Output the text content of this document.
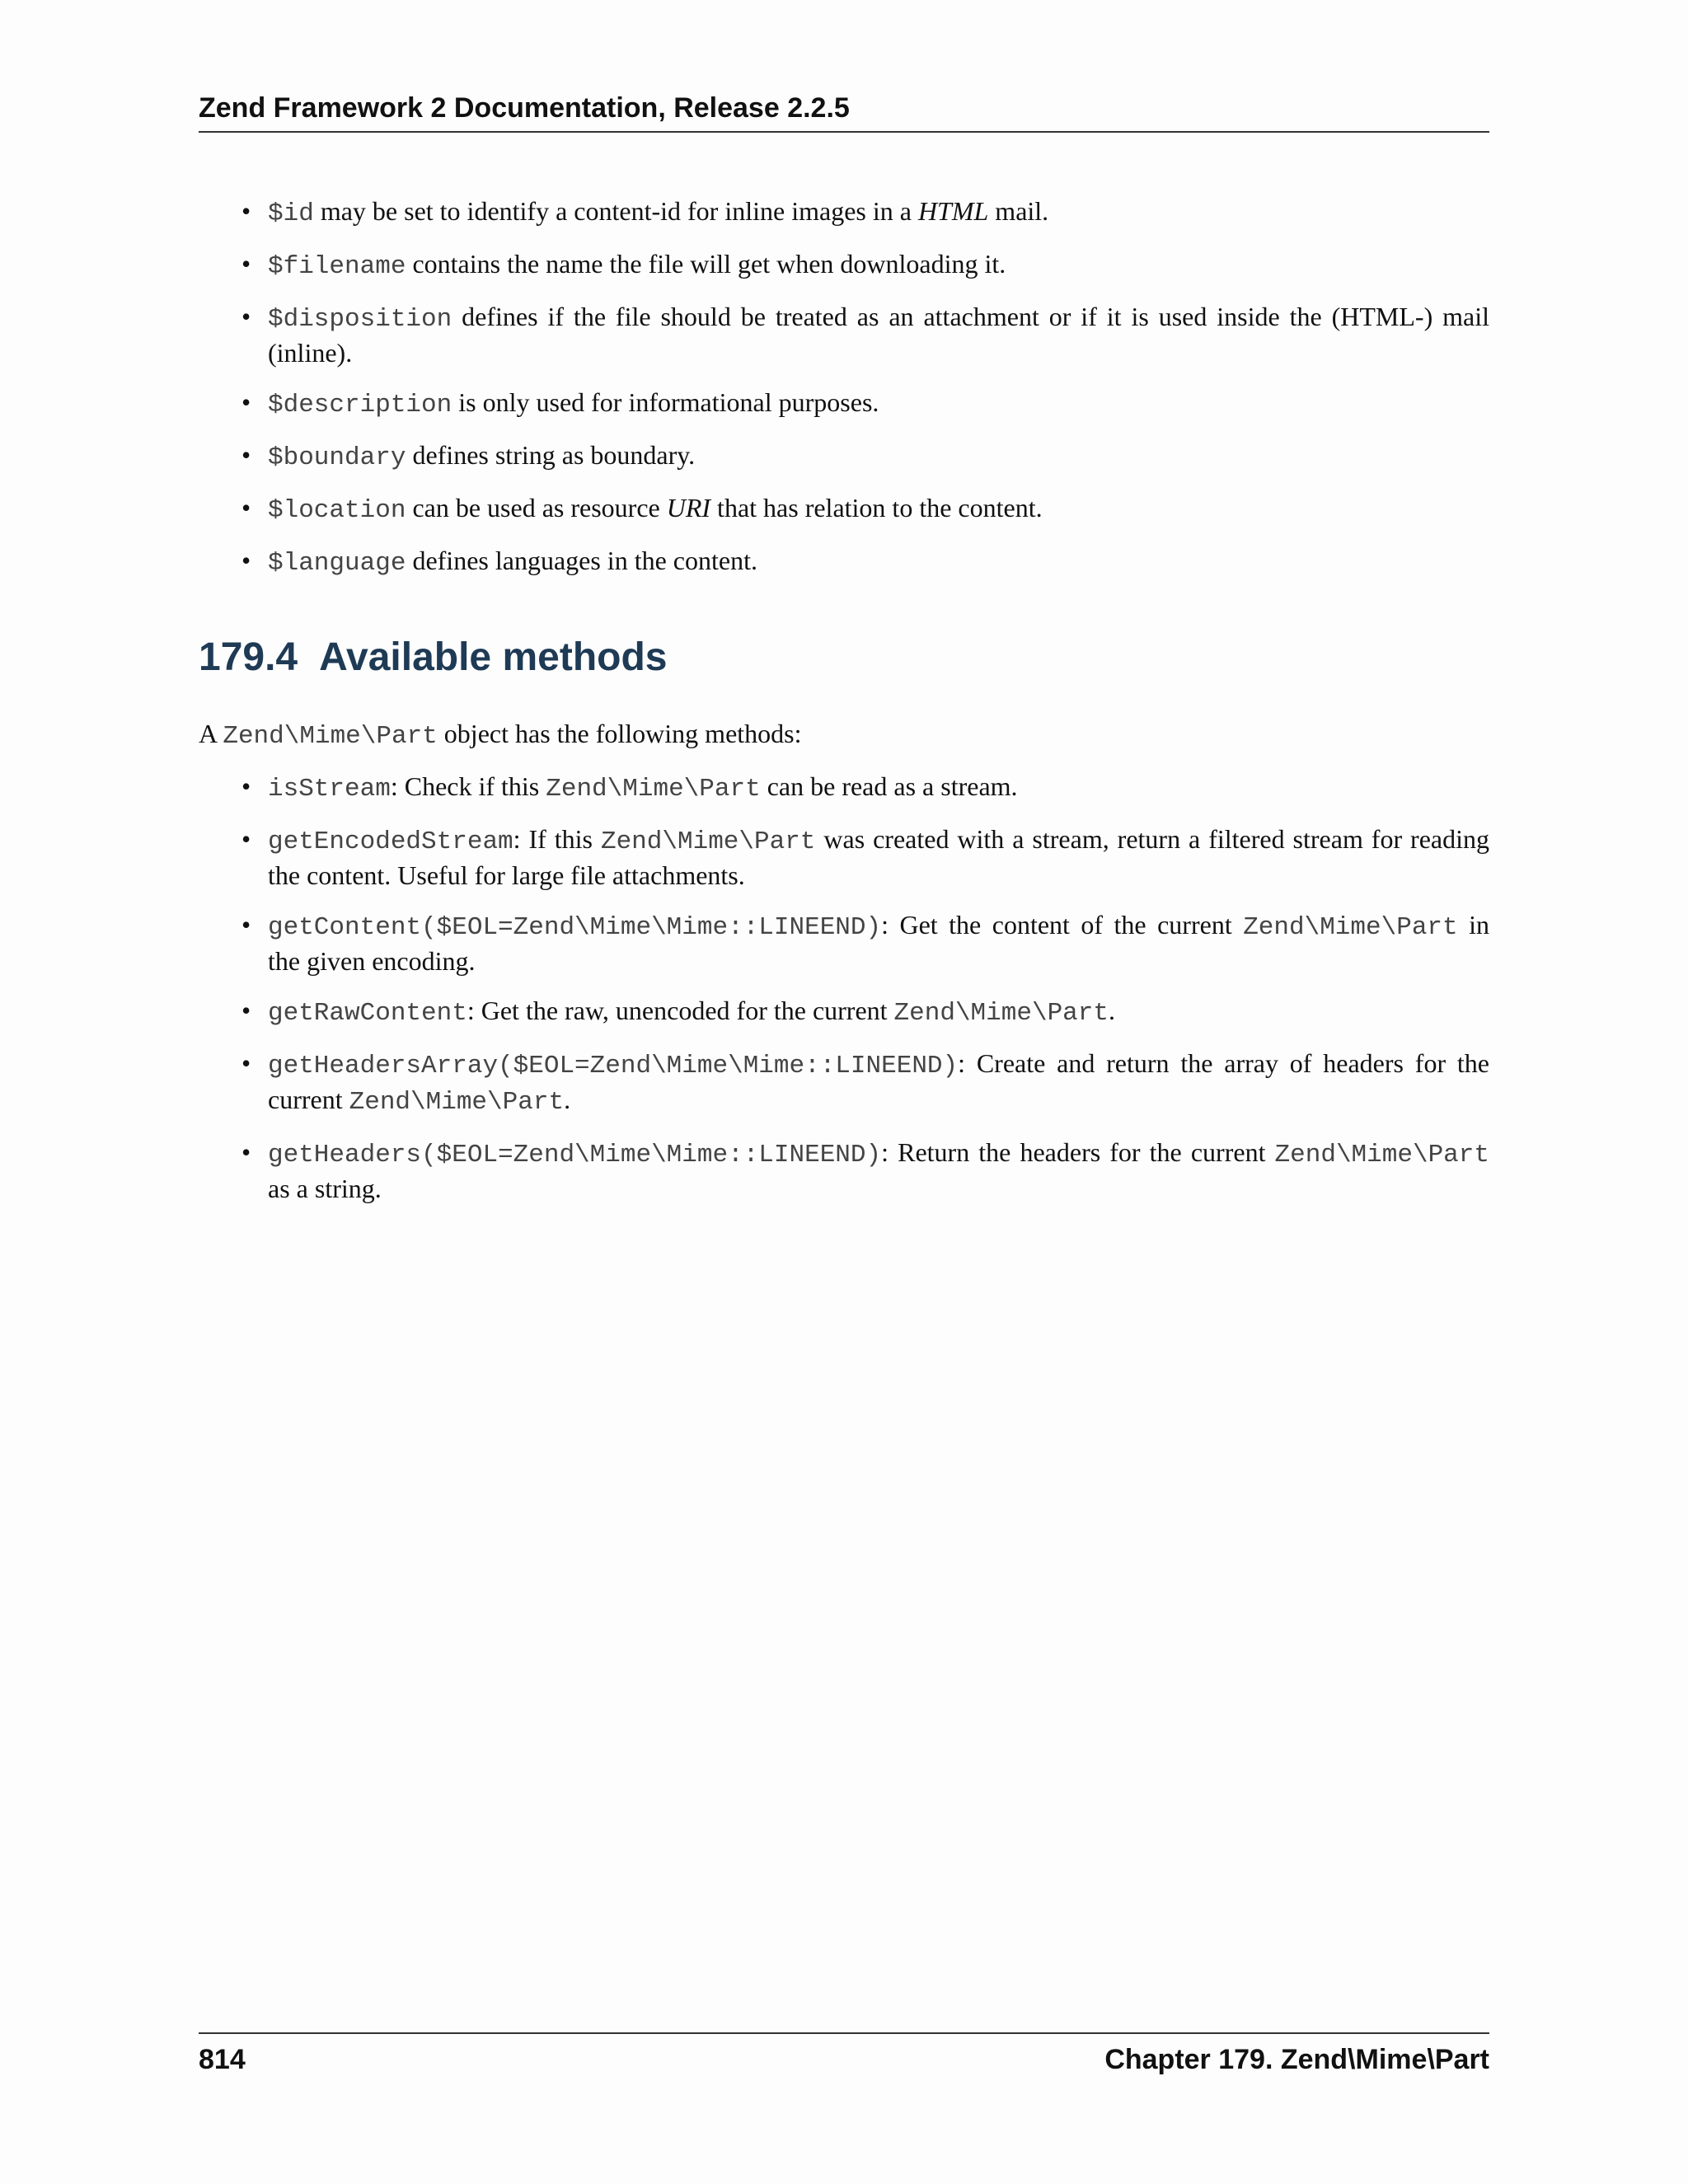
Zend Framework 2 Documentation, Release 2.2.5
• $id may be set to identify a content-id for inline images in a HTML mail.
• $filename contains the name the file will get when downloading it.
• $disposition defines if the file should be treated as an attachment or if it is used inside the (HTML-) mail (inline).
• $description is only used for informational purposes.
• $boundary defines string as boundary.
• $location can be used as resource URI that has relation to the content.
• $language defines languages in the content.
179.4 Available methods

A Zend\Mime\Part object has the following methods:

• isStream: Check if this Zend\Mime\Part can be read as a stream.
• getEncodedStream: If this Zend\Mime\Part was created with a stream, return a filtered stream for reading the content. Useful for large file attachments.
• getContent($EOL=Zend\Mime\Mime::LINEEND): Get the content of the current Zend\Mime\Part in the given encoding.
• getRawContent: Get the raw, unencoded for the current Zend\Mime\Part.
• getHeadersArray($EOL=Zend\Mime\Mime::LINEEND): Create and return the array of headers for the current Zend\Mime\Part.
• getHeaders($EOL=Zend\Mime\Mime::LINEEND): Return the headers for the current Zend\Mime\Part as a string.
814	Chapter 179. Zend\Mime\Part
